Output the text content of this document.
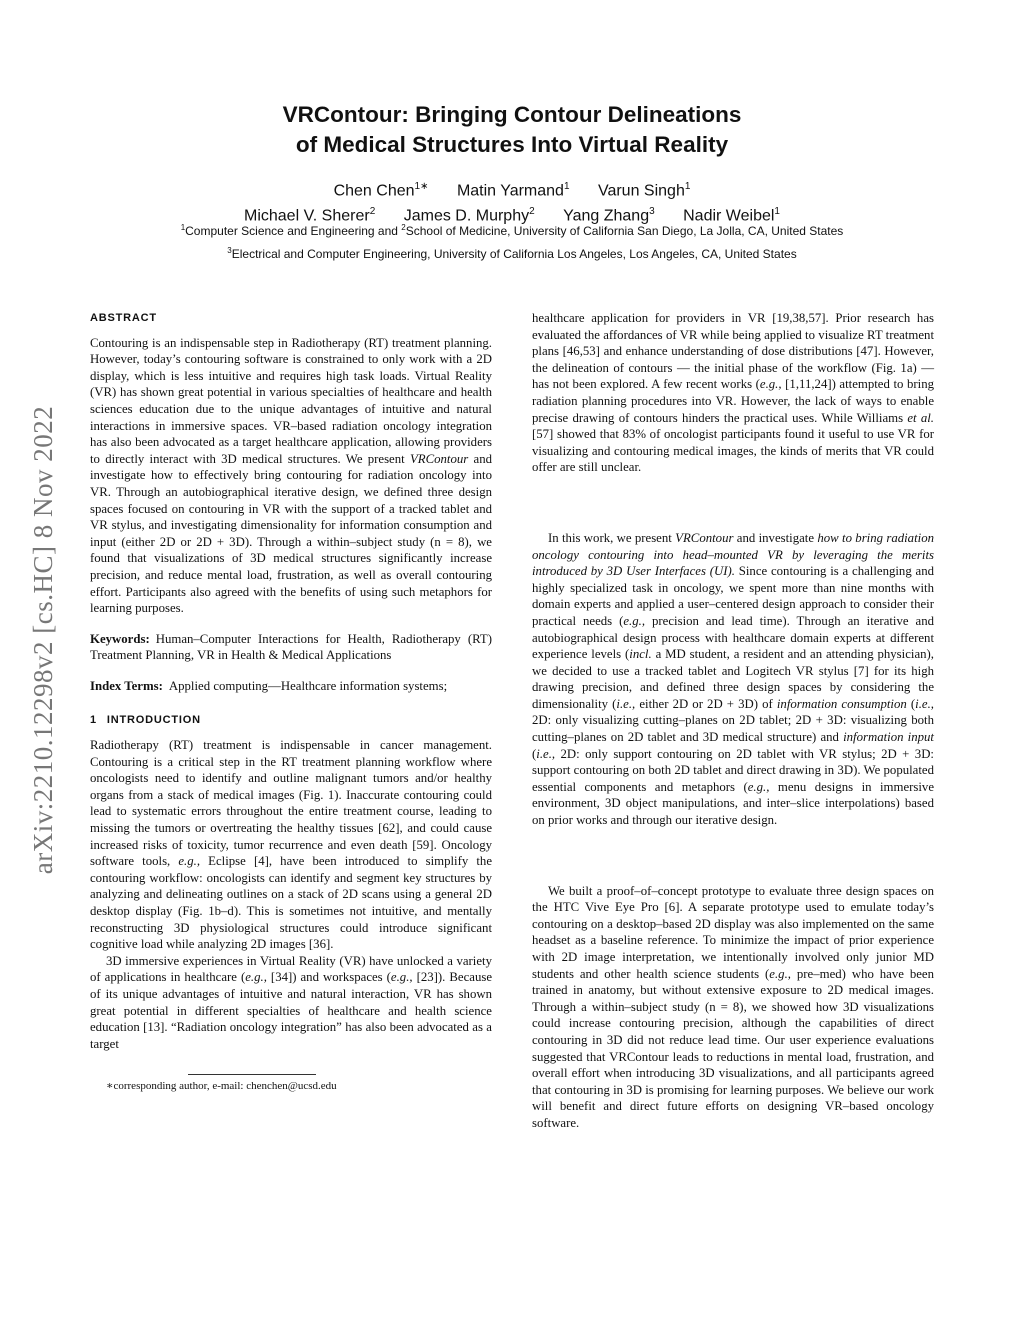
arXiv:2210.12298v2 [cs.HC] 8 Nov 2022
VRContour: Bringing Contour Delineations
of Medical Structures Into Virtual Reality
Chen Chen$^{1∗}$ Matin Yarmand$^1$ Varun Singh$^1$
Michael V. Sherer$^2$ James D. Murphy$^2$ Yang Zhang$^3$ Nadir Weibel$^1$
$^1$Computer Science and Engineering and $^2$School of Medicine, University of California San Diego, La Jolla, CA, United States
$^3$Electrical and Computer Engineering, University of California Los Angeles, Los Angeles, CA, United States
ABSTRACT

Contouring is an indispensable step in Radiotherapy (RT) treatment planning. However, today’s contouring software is constrained to only work with a 2D display, which is less intuitive and requires high task loads. Virtual Reality (VR) has shown great potential in various specialties of healthcare and health sciences education due to the unique advantages of intuitive and natural interactions in immersive spaces. VR–based radiation oncology integration has also been advocated as a target healthcare application, allowing providers to directly interact with 3D medical structures. We present VRContour and investigate how to effectively bring contouring for radiation oncology into VR. Through an autobiographical iterative design, we defined three design spaces focused on contouring in VR with the support of a tracked tablet and VR stylus, and investigating dimensionality for information consumption and input (either 2D or 2D + 3D). Through a within–subject study (n = 8), we found that visualizations of 3D medical structures significantly increase precision, and reduce mental load, frustration, as well as overall contouring effort. Participants also agreed with the benefits of using such metaphors for learning purposes.

Keywords: Human–Computer Interactions for Health, Radiotherapy (RT) Treatment Planning, VR in Health & Medical Applications

Index Terms: Applied computing—Healthcare information systems;

1 INTRODUCTION

Radiotherapy (RT) treatment is indispensable in cancer management. Contouring is a critical step in the RT treatment planning workflow where oncologists need to identify and outline malignant tumors and/or healthy organs from a stack of medical images (Fig. 1). Inaccurate contouring could lead to systematic errors throughout the entire treatment course, leading to missing the tumors or overtreating the healthy tissues [62], and could cause increased risks of toxicity, tumor recurrence and even death [59]. Oncology software tools, e.g., Eclipse [4], have been introduced to simplify the contouring workflow: oncologists can identify and segment key structures by analyzing and delineating outlines on a stack of 2D scans using a general 2D desktop display (Fig. 1b–d). This is sometimes not intuitive, and mentally reconstructing 3D physiological structures could introduce significant cognitive load while analyzing 2D images [36].

3D immersive experiences in Virtual Reality (VR) have unlocked a variety of applications in healthcare (e.g., [34]) and workspaces (e.g., [23]). Because of its unique advantages of intuitive and natural interaction, VR has shown great potential in different specialties of healthcare and health science education [13]. “Radiation oncology integration” has also been advocated as a target

∗corresponding author, e-mail: chenchen@ucsd.edu

healthcare application for providers in VR [19,38,57]. Prior research has evaluated the affordances of VR while being applied to visualize RT treatment plans [46,53] and enhance understanding of dose distributions [47]. However, the delineation of contours — the initial phase of the workflow (Fig. 1a) — has not been explored. A few recent works (e.g., [1,11,24]) attempted to bring radiation planning procedures into VR. However, the lack of ways to enable precise drawing of contours hinders the practical uses. While Williams et al. [57] showed that 83% of oncologist participants found it useful to use VR for visualizing and contouring medical images, the kinds of merits that VR could offer are still unclear.

In this work, we present VRContour and investigate how to bring radiation oncology contouring into head–mounted VR by leveraging the merits introduced by 3D User Interfaces (UI). Since contouring is a challenging and highly specialized task in oncology, we spent more than nine months with domain experts and applied a user–centered design approach to consider their practical needs (e.g., precision and lead time). Through an iterative and autobiographical design process with healthcare domain experts at different experience levels (incl. a MD student, a resident and an attending physician), we decided to use a tracked tablet and Logitech VR stylus [7] for its high drawing precision, and defined three design spaces by considering the dimensionality (i.e., either 2D or 2D + 3D) of information consumption (i.e., 2D: only visualizing cutting–planes on 2D tablet; 2D + 3D: visualizing both cutting–planes on 2D tablet and 3D medical structure) and information input (i.e., 2D: only support contouring on 2D tablet with VR stylus; 2D + 3D: support contouring on both 2D tablet and direct drawing in 3D). We populated essential components and metaphors (e.g., menu designs in immersive environment, 3D object manipulations, and inter–slice interpolations) based on prior works and through our iterative design.

We built a proof–of–concept prototype to evaluate three design spaces on the HTC Vive Eye Pro [6]. A separate prototype used to emulate today’s contouring on a desktop–based 2D display was also implemented on the same headset as a baseline reference. To minimize the impact of prior experience with 2D image interpretation, we intentionally involved only junior MD students and other health science students (e.g., pre–med) who have been trained in anatomy, but without extensive exposure to 2D medical images. Through a within–subject study (n = 8), we showed how 3D visualizations could increase contouring precision, although the capabilities of direct contouring in 3D did not reduce lead time. Our user experience evaluations suggested that VRContour leads to reductions in mental load, frustration, and overall effort when introducing 3D visualizations, and all participants agreed that contouring in 3D is promising for learning purposes. We believe our work will benefit and direct future efforts on designing VR–based oncology software.
